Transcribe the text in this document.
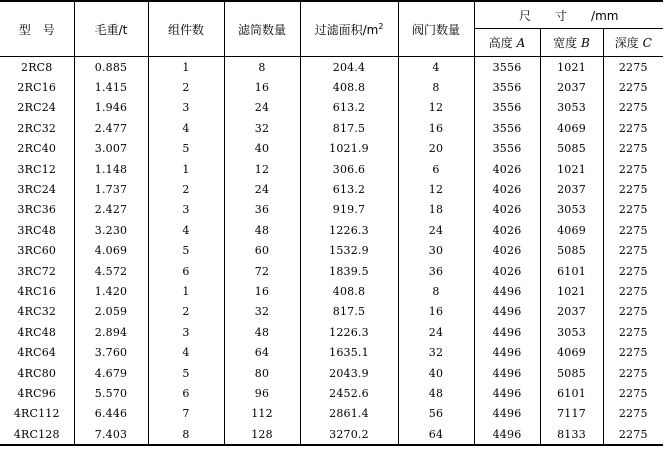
型　号	毛重/t	组件数	滤筒数量	过滤面积$/m^2$	阀门数量	尺　　寸　　/mm		
						高度 A	宽度 B	深度 C
2RC8	0.885	1	8	204.4	4	3556	1021	2275
2RC16	1.415	2	16	408.8	8	3556	2037	2275
2RC24	1.946	3	24	613.2	12	3556	3053	2275
2RC32	2.477	4	32	817.5	16	3556	4069	2275
2RC40	3.007	5	40	1021.9	20	3556	5085	2275
3RC12	1.148	1	12	306.6	6	4026	1021	2275
3RC24	1.737	2	24	613.2	12	4026	2037	2275
3RC36	2.427	3	36	919.7	18	4026	3053	2275
3RC48	3.230	4	48	1226.3	24	4026	4069	2275
3RC60	4.069	5	60	1532.9	30	4026	5085	2275
3RC72	4.572	6	72	1839.5	36	4026	6101	2275
4RC16	1.420	1	16	408.8	8	4496	1021	2275
4RC32	2.059	2	32	817.5	16	4496	2037	2275
4RC48	2.894	3	48	1226.3	24	4496	3053	2275
4RC64	3.760	4	64	1635.1	32	4496	4069	2275
4RC80	4.679	5	80	2043.9	40	4496	5085	2275
4RC96	5.570	6	96	2452.6	48	4496	6101	2275
4RC112	6.446	7	112	2861.4	56	4496	7117	2275
4RC128	7.403	8	128	3270.2	64	4496	8133	2275
